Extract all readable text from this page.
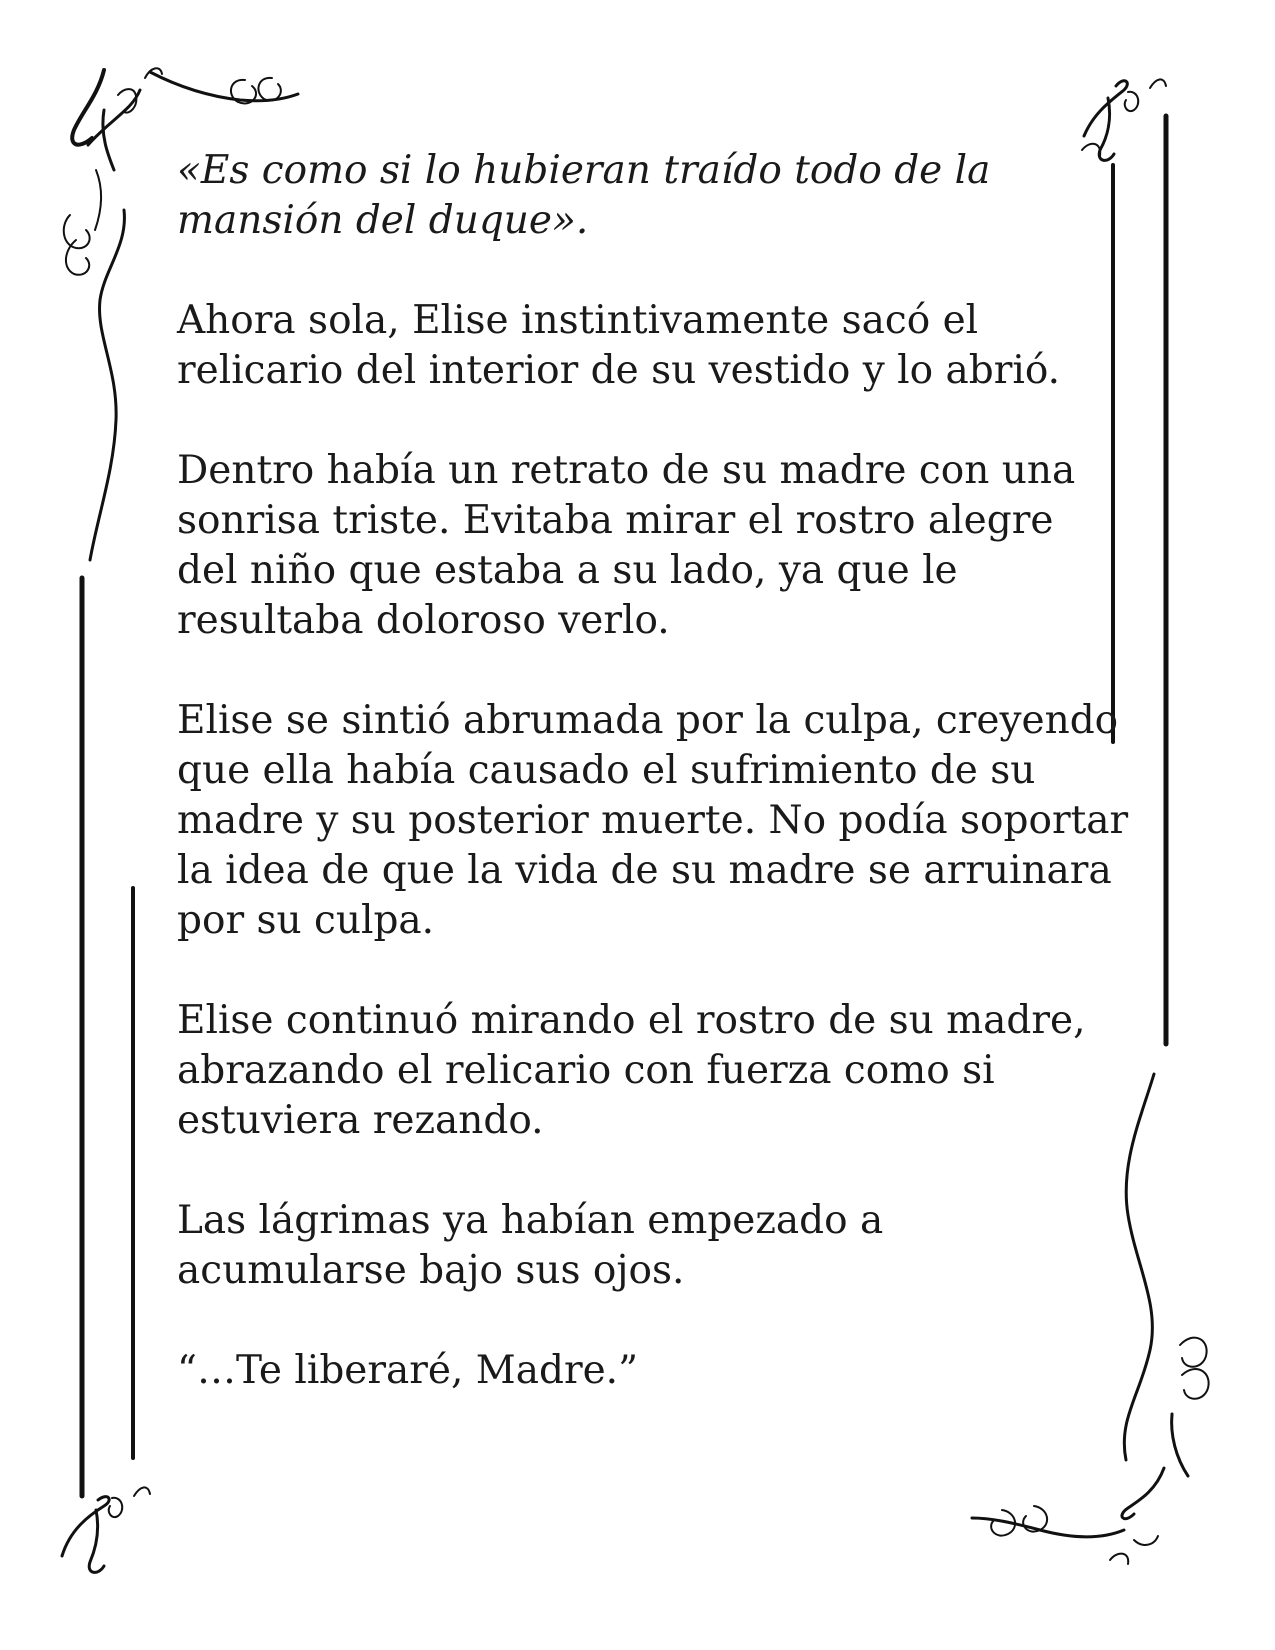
«Es como si lo hubieran traído todo de la
mansión del duque».

Ahora sola, Elise instintivamente sacó el
relicario del interior de su vestido y lo abrió.

Dentro había un retrato de su madre con una
sonrisa triste. Evitaba mirar el rostro alegre
del niño que estaba a su lado, ya que le
resultaba doloroso verlo.

Elise se sintió abrumada por la culpa, creyendo
que ella había causado el sufrimiento de su
madre y su posterior muerte. No podía soportar
la idea de que la vida de su madre se arruinara
por su culpa.

Elise continuó mirando el rostro de su madre,
abrazando el relicario con fuerza como si
estuviera rezando.

Las lágrimas ya habían empezado a
acumularse bajo sus ojos.

“…Te liberaré, Madre.”
